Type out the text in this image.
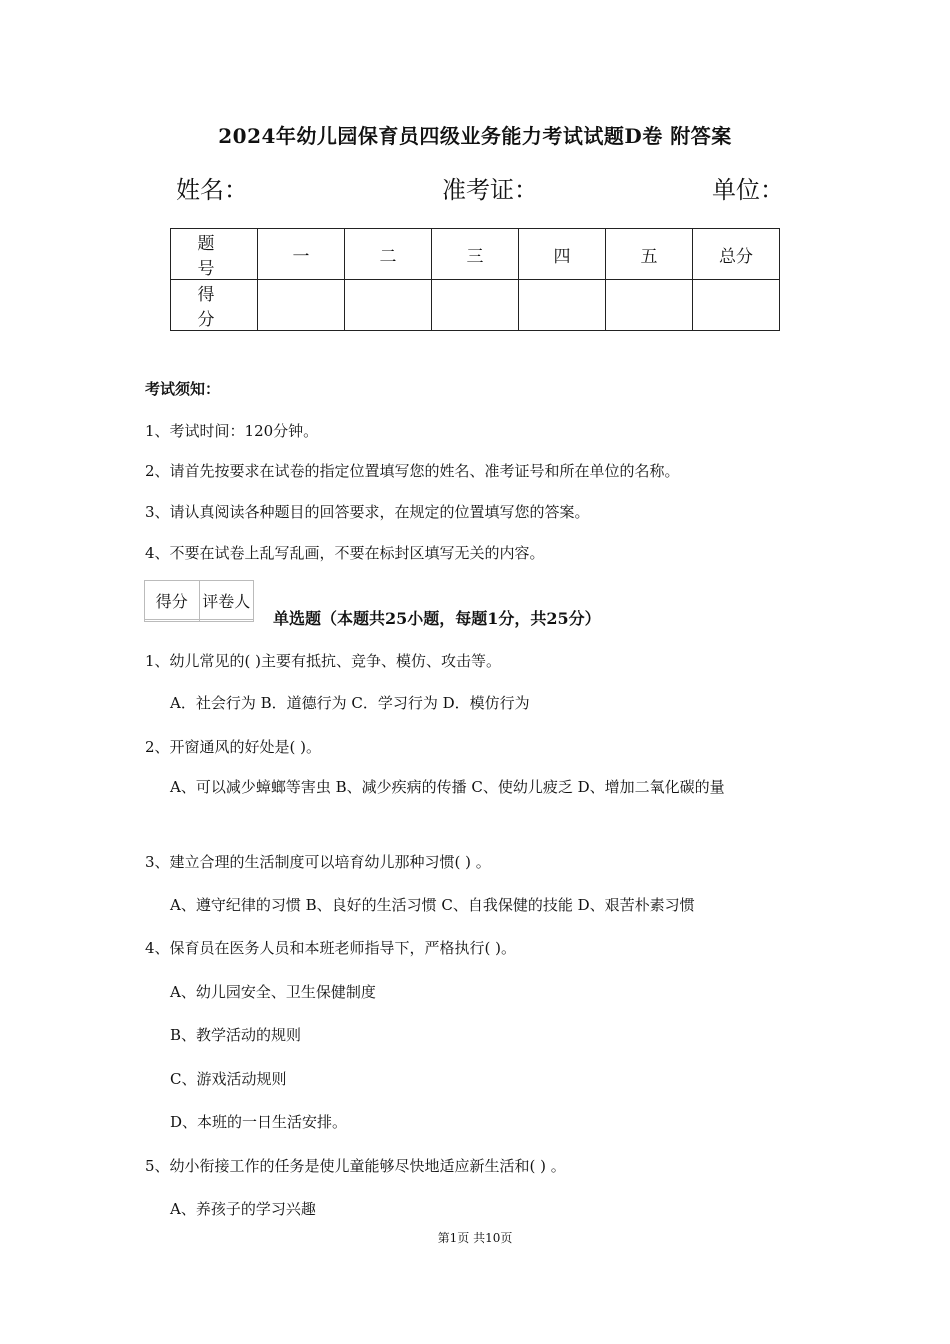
2024年幼儿园保育员四级业务能力考试试题D卷 附答案
姓名：	准考证：	单位：
题 号	一	二	三	四	五	总分
得 分						
考试须知：
1、考试时间：120分钟。
2、请首先按要求在试卷的指定位置填写您的姓名、准考证号和所在单位的名称。
3、请认真阅读各种题目的回答要求，在规定的位置填写您的答案。
4、不要在试卷上乱写乱画，不要在标封区填写无关的内容。
得分	评卷人

单选题（本题共25小题，每题1分，共25分）
1、幼儿常见的( )主要有抵抗、竞争、模仿、攻击等。
A．社会行为 B．道德行为 C．学习行为 D．模仿行为
2、开窗通风的好处是( )。
A、可以减少蟑螂等害虫 B、减少疾病的传播 C、使幼儿疲乏 D、增加二氧化碳的量
3、建立合理的生活制度可以培育幼儿那种习惯( ) 。
A、遵守纪律的习惯 B、良好的生活习惯 C、自我保健的技能 D、艰苦朴素习惯
4、保育员在医务人员和本班老师指导下，严格执行( )。
A、幼儿园安全、卫生保健制度
B、教学活动的规则
C、游戏活动规则
D、本班的一日生活安排。
5、幼小衔接工作的任务是使儿童能够尽快地适应新生活和( ) 。
A、养孩子的学习兴趣
第1页 共10页
